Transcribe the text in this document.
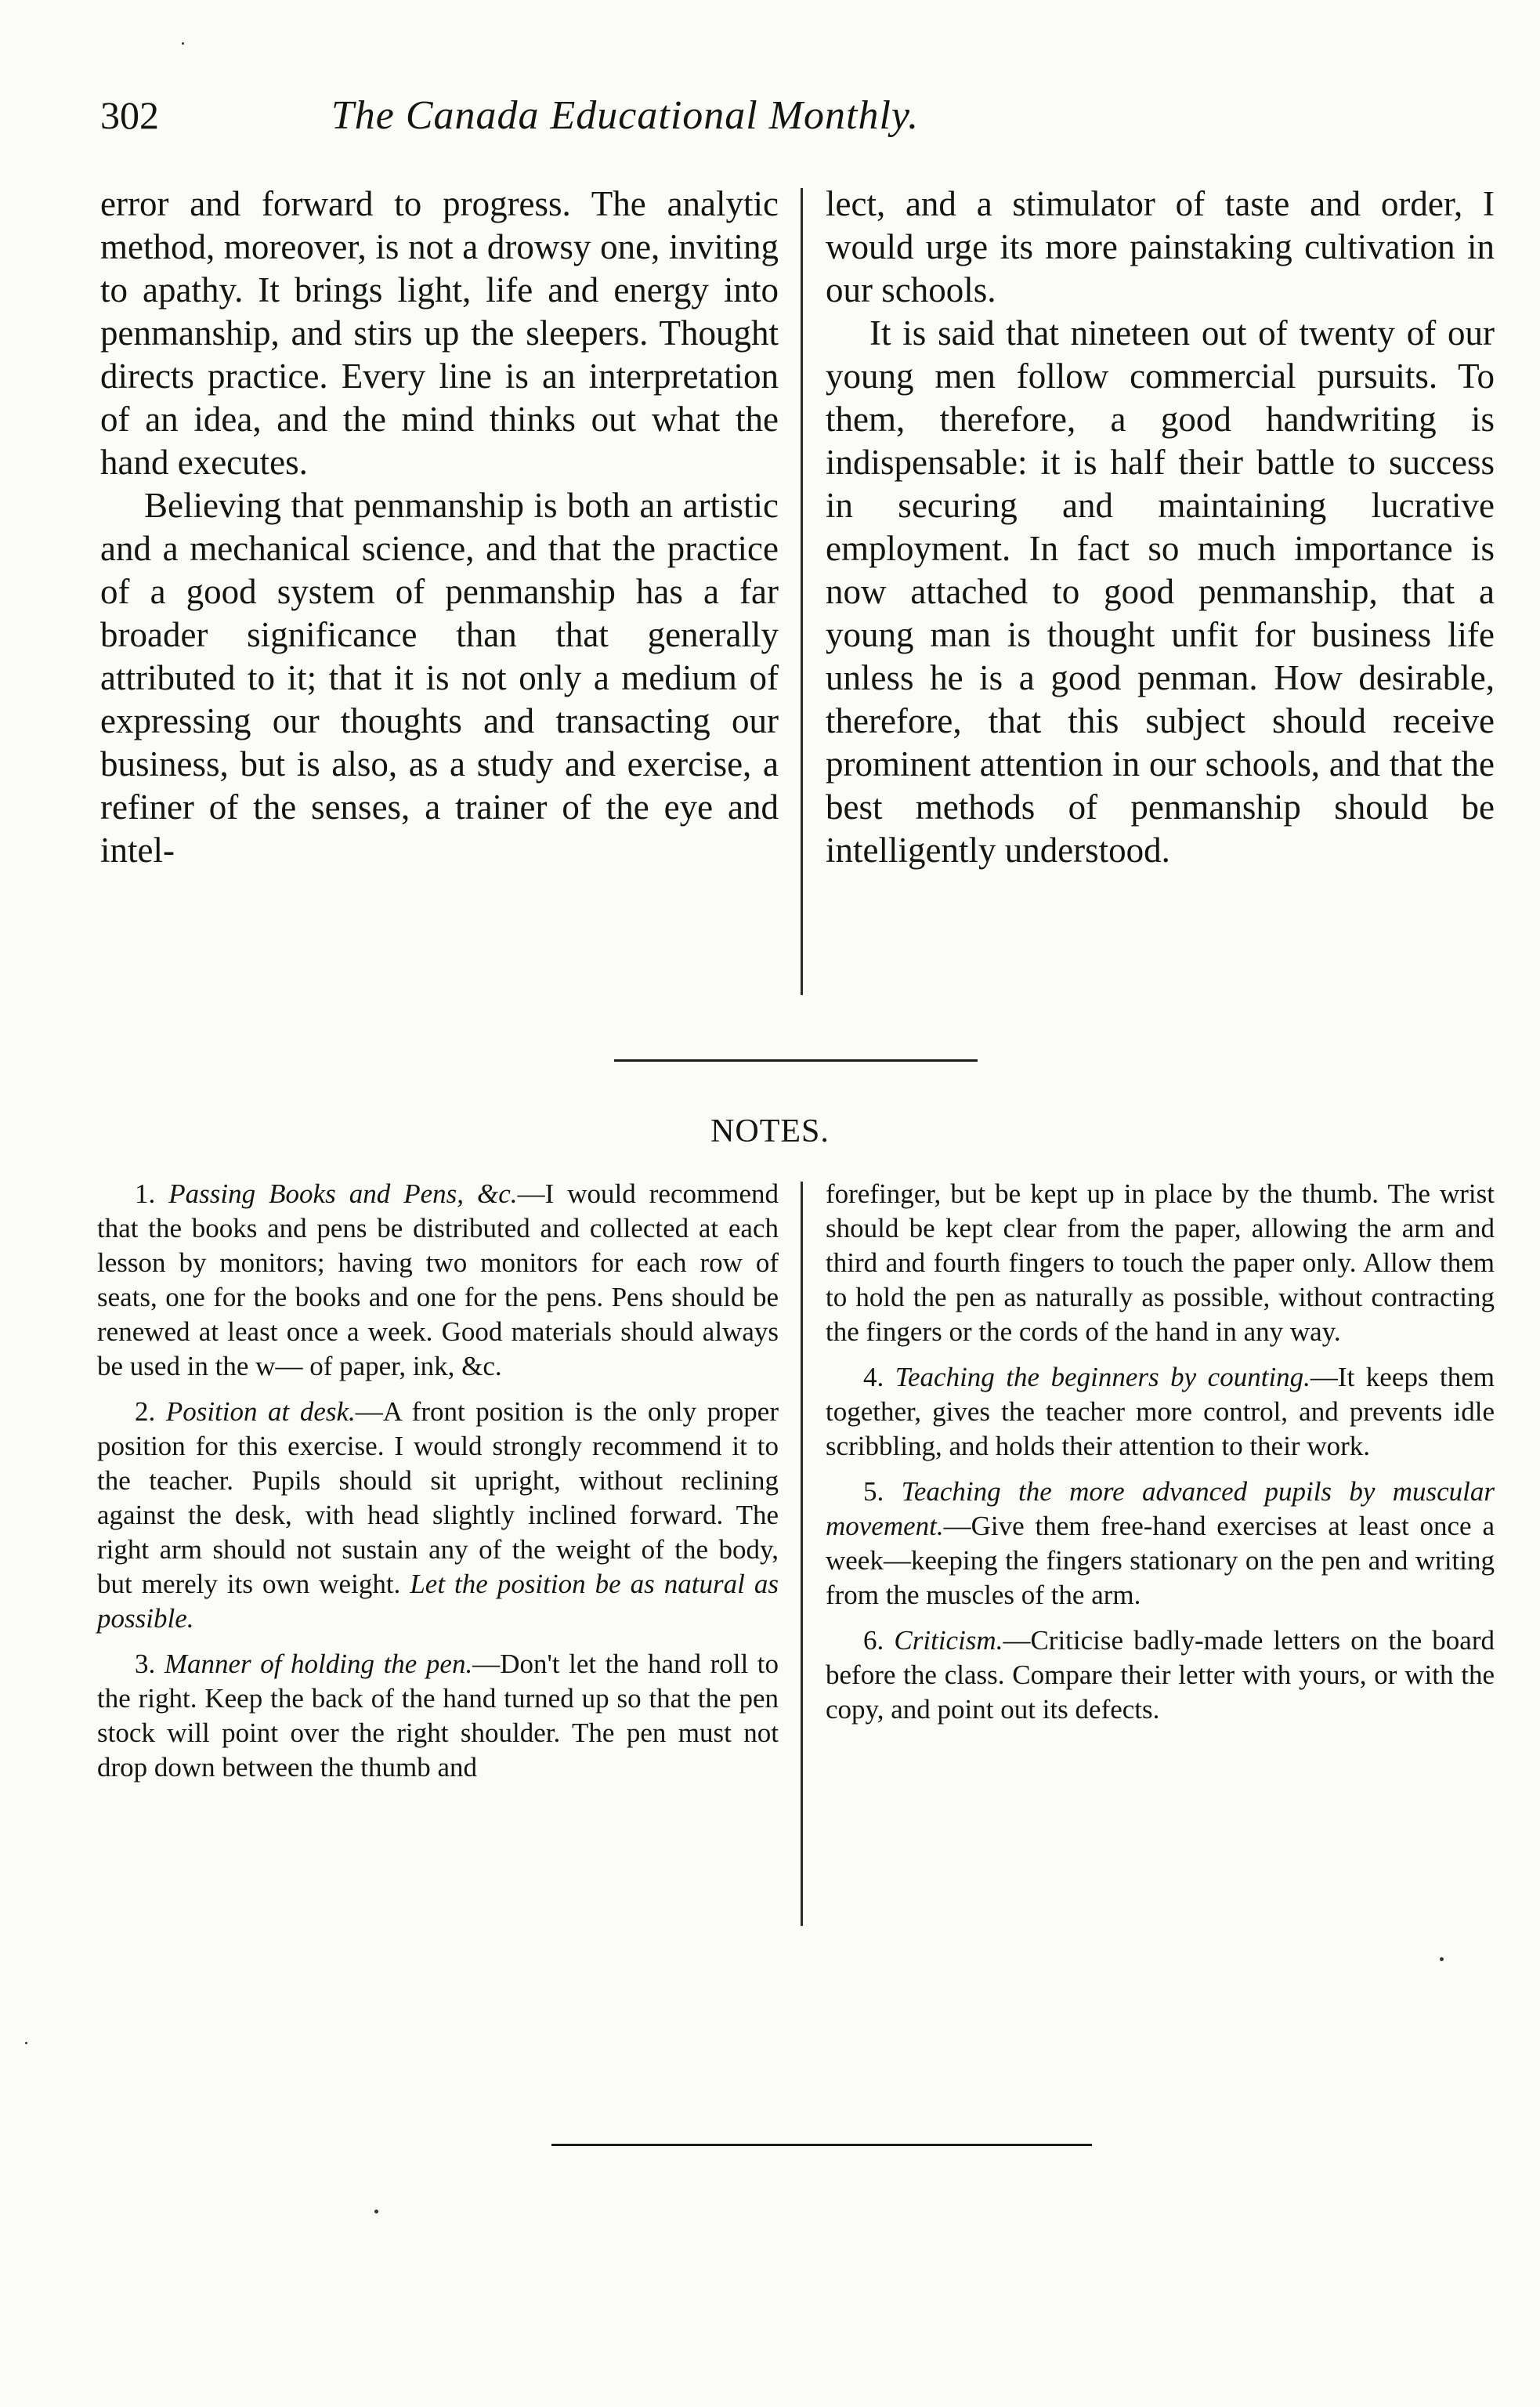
302	The Canada Educational Monthly.

error and forward to progress. The analytic method, moreover, is not a drowsy one, inviting to apathy. It brings light, life and energy into penmanship, and stirs up the sleepers. Thought directs practice. Every line is an interpretation of an idea, and the mind thinks out what the hand executes.

Believing that penmanship is both an artistic and a mechanical science, and that the practice of a good system of penmanship has a far broader significance than that generally attributed to it; that it is not only a medium of expressing our thoughts and transacting our business, but is also, as a study and exercise, a refiner of the senses, a trainer of the eye and intel-

lect, and a stimulator of taste and order, I would urge its more painstaking cultivation in our schools.

It is said that nineteen out of twenty of our young men follow commercial pursuits. To them, therefore, a good handwriting is indispensable: it is half their battle to success in securing and maintaining lucrative employment. In fact so much importance is now attached to good penmanship, that a young man is thought unfit for business life unless he is a good penman. How desirable, therefore, that this subject should receive prominent attention in our schools, and that the best methods of penmanship should be intelligently understood.

NOTES.

1. Passing Books and Pens, &c.—I would recommend that the books and pens be distributed and collected at each lesson by monitors; having two monitors for each row of seats, one for the books and one for the pens. Pens should be renewed at least once a week. Good materials should always be used in the w— of paper, ink, &c.

2. Position at desk.—A front position is the only proper position for this exercise. I would strongly recommend it to the teacher. Pupils should sit upright, without reclining against the desk, with head slightly inclined forward. The right arm should not sustain any of the weight of the body, but merely its own weight. Let the position be as natural as possible.

3. Manner of holding the pen.—Don't let the hand roll to the right. Keep the back of the hand turned up so that the pen stock will point over the right shoulder. The pen must not drop down between the thumb and

forefinger, but be kept up in place by the thumb. The wrist should be kept clear from the paper, allowing the arm and third and fourth fingers to touch the paper only. Allow them to hold the pen as naturally as possible, without contracting the fingers or the cords of the hand in any way.

4. Teaching the beginners by counting.—It keeps them together, gives the teacher more control, and prevents idle scribbling, and holds their attention to their work.

5. Teaching the more advanced pupils by muscular movement.—Give them free-hand exercises at least once a week—keeping the fingers stationary on the pen and writing from the muscles of the arm.

6. Criticism.—Criticise badly-made letters on the board before the class. Compare their letter with yours, or with the copy, and point out its defects.
